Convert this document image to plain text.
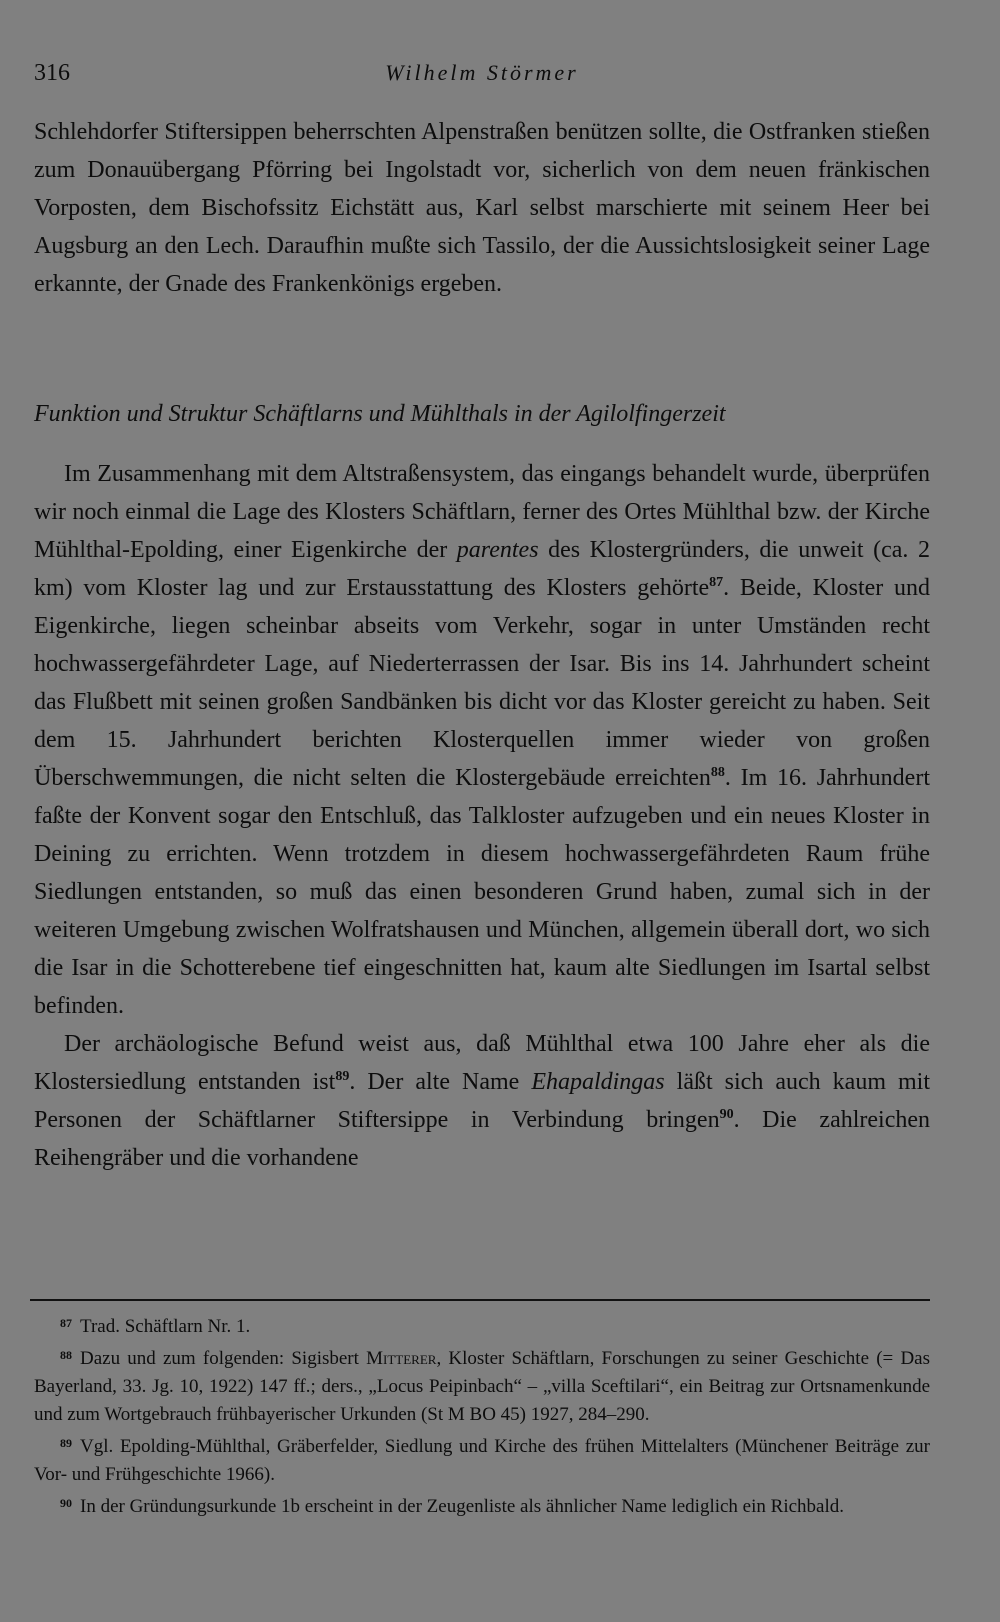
316	Wilhelm Störmer

Schlehdorfer Stiftersippen beherrschten Alpenstraßen benützen sollte, die Ostfranken stießen zum Donauübergang Pförring bei Ingolstadt vor, sicherlich von dem neuen fränkischen Vorposten, dem Bischofssitz Eichstätt aus, Karl selbst marschierte mit seinem Heer bei Augsburg an den Lech. Daraufhin mußte sich Tassilo, der die Aussichtslosigkeit seiner Lage erkannte, der Gnade des Frankenkönigs ergeben.

Funktion und Struktur Schäftlarns und Mühlthals in der Agilolfingerzeit

Im Zusammenhang mit dem Altstraßensystem, das eingangs behandelt wurde, überprüfen wir noch einmal die Lage des Klosters Schäftlarn, ferner des Ortes Mühlthal bzw. der Kirche Mühlthal-Epolding, einer Eigenkirche der parentes des Klostergründers, die unweit (ca. 2 km) vom Kloster lag und zur Erstausstattung des Klosters gehörte$^{87}$. Beide, Kloster und Eigenkirche, liegen scheinbar abseits vom Verkehr, sogar in unter Umständen recht hochwassergefährdeter Lage, auf Niederterrassen der Isar. Bis ins 14. Jahrhundert scheint das Flußbett mit seinen großen Sandbänken bis dicht vor das Kloster gereicht zu haben. Seit dem 15. Jahrhundert berichten Klosterquellen immer wieder von großen Überschwemmungen, die nicht selten die Klostergebäude erreichten$^{88}$. Im 16. Jahrhundert faßte der Konvent sogar den Entschluß, das Talkloster aufzugeben und ein neues Kloster in Deining zu errichten. Wenn trotzdem in diesem hochwassergefährdeten Raum frühe Siedlungen entstanden, so muß das einen besonderen Grund haben, zumal sich in der weiteren Umgebung zwischen Wolfratshausen und München, allgemein überall dort, wo sich die Isar in die Schotterebene tief eingeschnitten hat, kaum alte Siedlungen im Isartal selbst befinden.

Der archäologische Befund weist aus, daß Mühlthal etwa 100 Jahre eher als die Klostersiedlung entstanden ist$^{89}$. Der alte Name Ehapaldingas läßt sich auch kaum mit Personen der Schäftlarner Stiftersippe in Verbindung bringen$^{90}$. Die zahlreichen Reihengräber und die vorhandene

$^{87}$ Trad. Schäftlarn Nr. 1.

$^{88}$ Dazu und zum folgenden: Sigisbert Mitterer, Kloster Schäftlarn, Forschungen zu seiner Geschichte (= Das Bayerland, 33. Jg. 10, 1922) 147 ff.; ders., „Locus Peipinbach“ – „villa Sceftilari“, ein Beitrag zur Ortsnamenkunde und zum Wortgebrauch frühbayerischer Urkunden (St M BO 45) 1927, 284–290.

$^{89}$ Vgl. Epolding-Mühlthal, Gräberfelder, Siedlung und Kirche des frühen Mittelalters (Münchener Beiträge zur Vor- und Frühgeschichte 1966).

$^{90}$ In der Gründungsurkunde 1b erscheint in der Zeugenliste als ähnlicher Name lediglich ein Richbald.
